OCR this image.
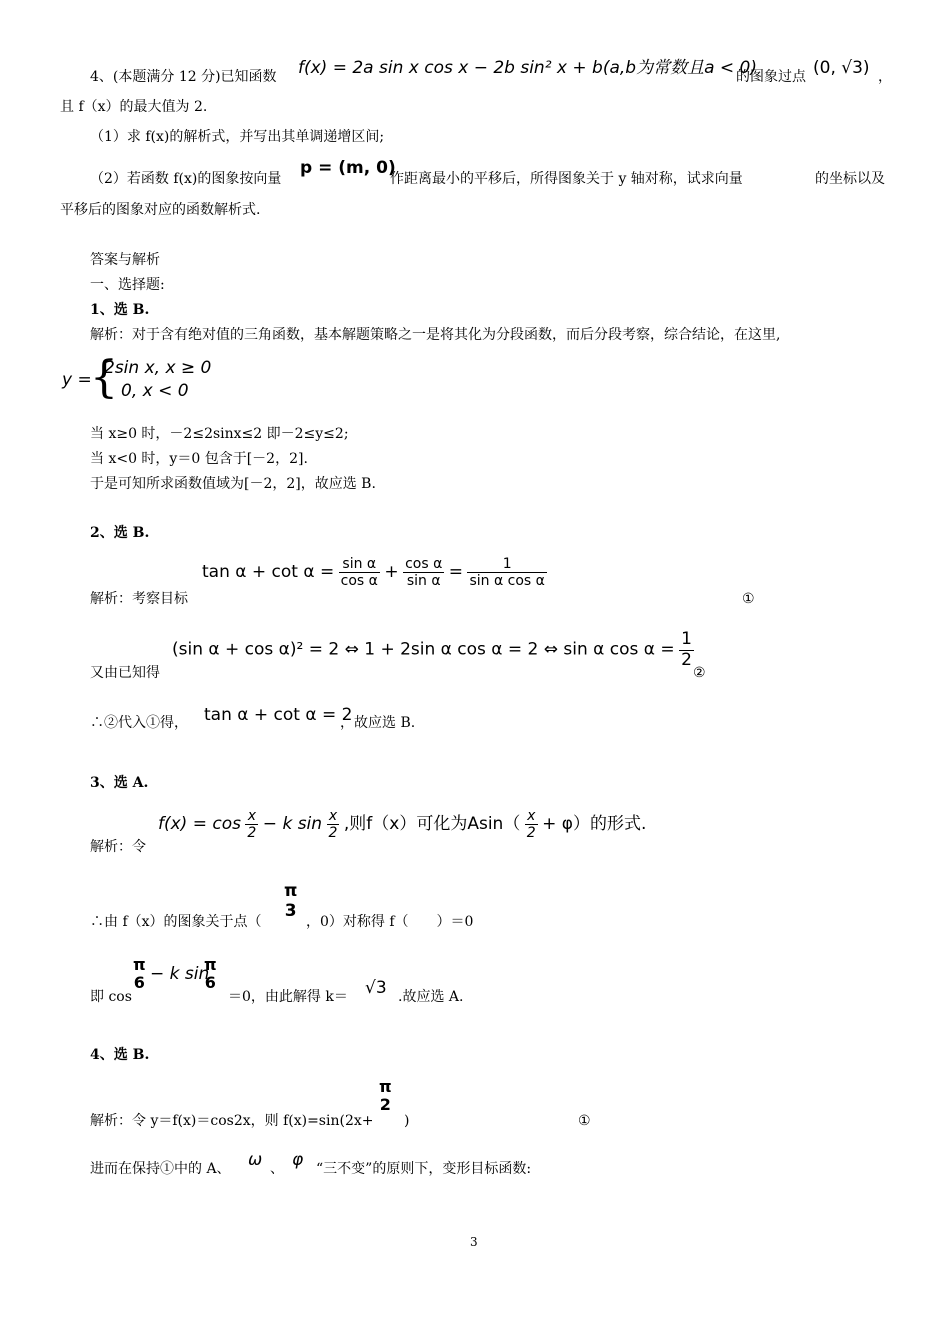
4、(本题满分 12 分)已知函数 f(x) = 2a sin x cos x − 2b sin² x + b(a,b为常数且a < 0)
的图象过点 (0, √3) ，
且 f（x）的最大值为 2.
（1）求 f(x)的解析式，并写出其单调递增区间;
（2）若函数 f(x)的图象按向量
p = (m, 0)
作距离最小的平移后，所得图象关于 y 轴对称，试求向量	的坐标以及
平移后的图象对应的函数解析式.
答案与解析
一、选择题:
1、选 B.
解析：对于含有绝对值的三角函数，基本解题策略之一是将其化为分段函数，而后分段考察，综合结论，在这里,
y =
{
2sin x, x ≥ 0
0, x < 0
当 x≥0 时，－2≤2sinx≤2 即－2≤y≤2;
当 x<0 时，y＝0 包含于[－2，2].
于是可知所求函数值域为[－2，2]，故应选 B.
2、选 B.
$\tan \alpha + \cot \alpha = \frac{\text{sin α}}{\text{cos α}} + \frac{\text{cos α}}{\text{sin α}} = \frac{1}{\text{sin α cos α}}$
解析：考察目标	①
(sin α + cos α)² = 2 ⇔ 1 + 2sin α cos α = 2 ⇔ sin α $\cos \alpha = \frac{1}{2}$
又由已知得	②
∴②代入①得， tan α + cot α = 2
，故应选 B.
3、选 A.
$f(x) = \cos \frac{x}{2} - k$ $\sin \frac{x}{2}$ ,则f（x）可化为$Asin( \frac{x}{2} + \varphi)$的形式.
解析：令
π
3
∴由 f（x）的图象关于点（	，0）对称得 f（　　）＝0
π
6 − k sin
π
6
即 cos	＝0，由此解得 k＝ √3 .故应选 A.
4、选 B.
π
2
解析：令 y＝f(x)＝cos2x，则 f(x)=sin(2x+ )	①
进而在保持①中的 A、 ω 、 φ “三不变”的原则下，变形目标函数:
3
